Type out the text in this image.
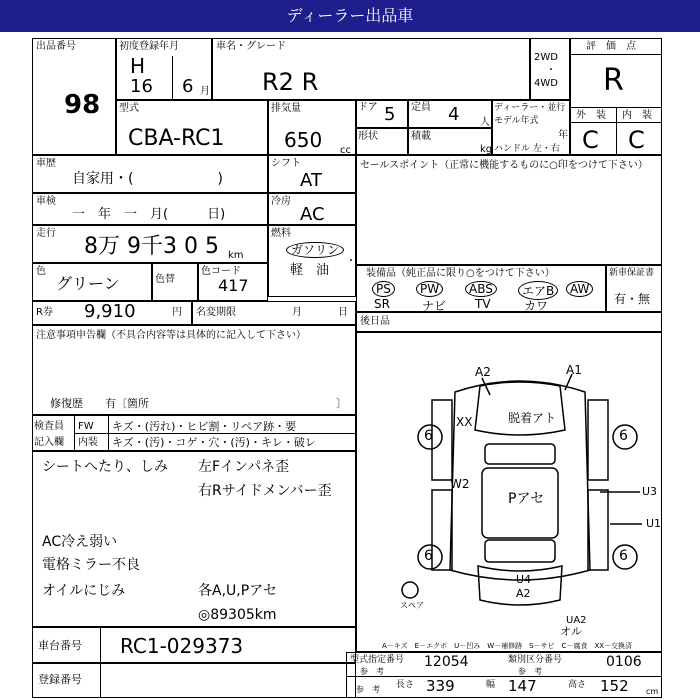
ディーラー出品車
出品番号
98
初度登録年月
H
16 6 月
車名・グレード
R2 R
2WD
・
4WD
評　価　点
R
外　装 内　装
C C
型式
CBA-RC1
排気量
650 cc
ドア 5 定員 4 人
ディーラー・並行
モデル年式
年
ハンドル 左・右
形状	積載
kg
車歴
自家用・(　　　　　　)
シフト
AT
セールスポイント（正常に機能するものに○印をつけて下さい）
車検
一　年　一　月(　　　日)
冷房
AC
走行
8万 9千3 0 5 km
燃料
ガソリン
・
軽　油
色
グリーン	色替
色コード
417
装備品（純正品に限り○をつけて下さい）
PS	PW	ABS	エアB	AW
SR	ナビ TV	カワ
新車保証書
有・無
R券 9,910	円 名変期限	月	日
後日品
注意事項申告欄（不具合内容等は具体的に記入して下さい）
修復歴　　有〔箇所	〕
検査員
記入欄
FW
内装
キズ・(汚れ)・ヒビ割・リペア跡・要
キズ・(汚)・コゲ・穴・(汚)・キレ・破レ
シートへたり、しみ
AC冷え弱い
電格ミラー不良
オイルにじみ
左Fインパネ歪
右Rサイドメンバー歪
各A,U,Pアセ
◎89305km
A2	A1
XX	脱着アト
W2
Pアセ
U4
A2
U3
U1
UA2
オル
6	6
6	6
スペア
A－キズ　E－エクボ　U－凹み　W－補修跡　S－サビ　C－腐食　XX－交換済
車台番号 RC1-029373
登録番号
型式指定番号
参　考
12054	類別区分番号
参　考
0106
参　考 長さ 339	幅 147	高さ 152 cm
